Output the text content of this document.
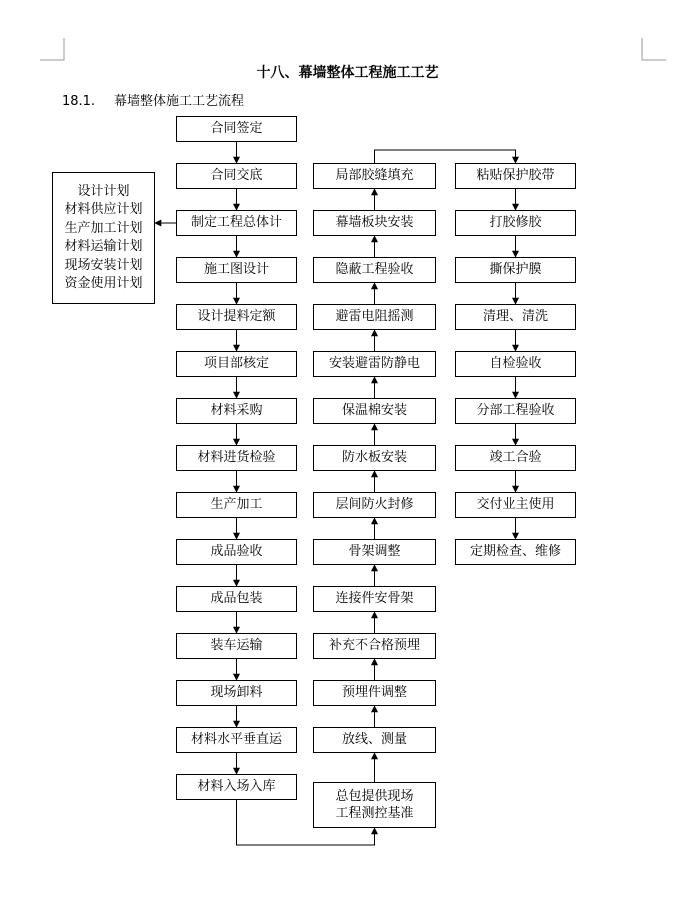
十八、幕墙整体工程施工工艺
18.1. 幕墙整体施工工艺流程
设计计划
材料供应计划
生产加工计划
材料运输计划
现场安装计划
资金使用计划
合同签定
合同交底
制定工程总体计
施工图设计
设计提料定额
项目部核定
材料采购
材料进货检验
生产加工
成品验收
成品包装
装车运输
现场卸料
材料水平垂直运
材料入场入库
局部胶缝填充
幕墙板块安装
隐蔽工程验收
避雷电阻摇测
安装避雷防静电
保温棉安装
防水板安装
层间防火封修
骨架调整
连接件安骨架
补充不合格预埋
预埋件调整
放线、测量
总包提供现场
工程测控基准
粘贴保护胶带
打胶修胶
撕保护膜
清理、清洗
自检验收
分部工程验收
竣工合验
交付业主使用
定期检查、维修
